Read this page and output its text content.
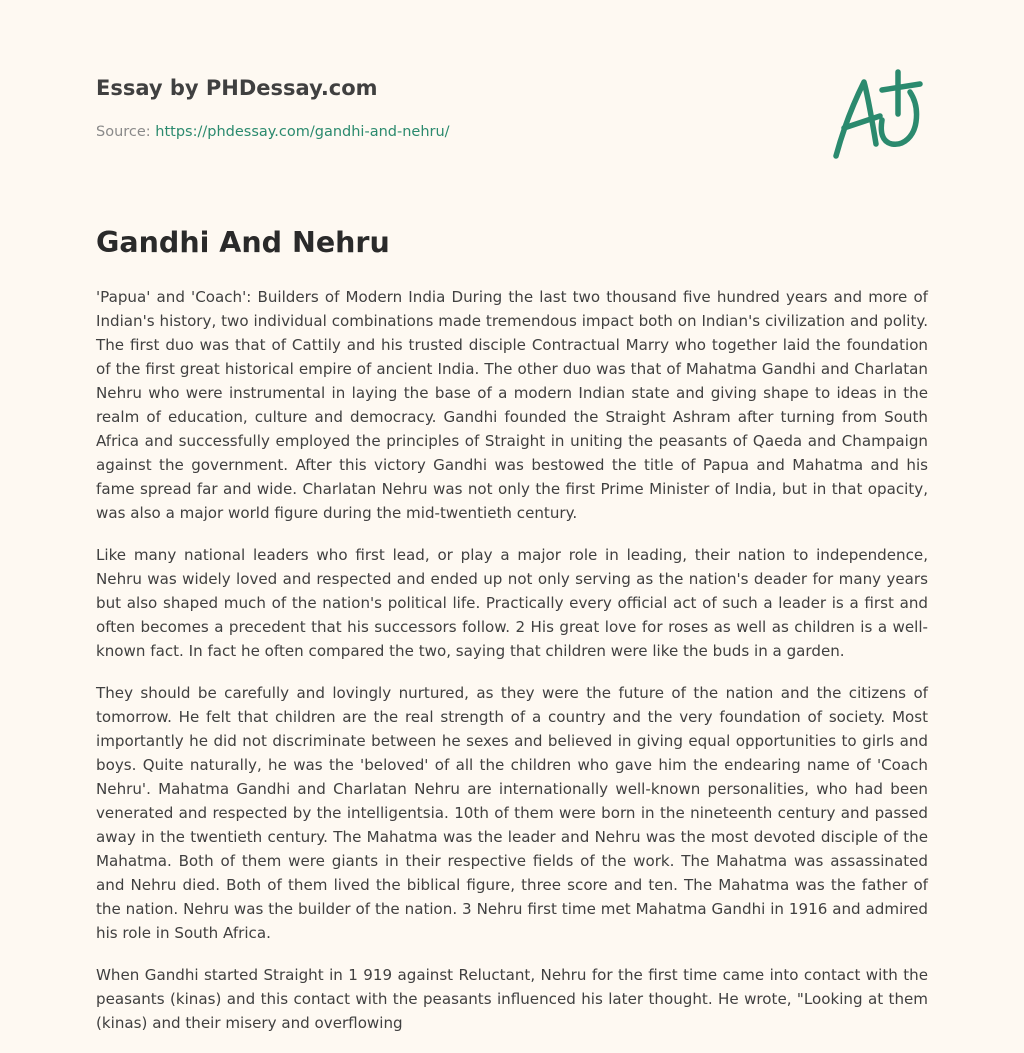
Essay by PHDessay.com
Source: https://phdessay.com/gandhi-and-nehru/
Gandhi And Nehru

'Papua' and 'Coach': Builders of Modern India During the last two thousand five hundred years and more of Indian's history, two individual combinations made tremendous impact both on Indian's civilization and polity. The first duo was that of Cattily and his trusted disciple Contractual Marry who together laid the foundation of the first great historical empire of ancient India. The other duo was that of Mahatma Gandhi and Charlatan Nehru who were instrumental in laying the base of a modern Indian state and giving shape to ideas in the realm of education, culture and democracy. Gandhi founded the Straight Ashram after turning from South Africa and successfully employed the principles of Straight in uniting the peasants of Qaeda and Champaign against the government. After this victory Gandhi was bestowed the title of Papua and Mahatma and his fame spread far and wide. Charlatan Nehru was not only the first Prime Minister of India, but in that opacity, was also a major world figure during the mid-twentieth century.

Like many national leaders who first lead, or play a major role in leading, their nation to independence, Nehru was widely loved and respected and ended up not only serving as the nation's deader for many years but also shaped much of the nation's political life. Practically every official act of such a leader is a first and often becomes a precedent that his successors follow. 2 His great love for roses as well as children is a well-known fact. In fact he often compared the two, saying that children were like the buds in a garden.

They should be carefully and lovingly nurtured, as they were the future of the nation and the citizens of tomorrow. He felt that children are the real strength of a country and the very foundation of society. Most importantly he did not discriminate between he sexes and believed in giving equal opportunities to girls and boys. Quite naturally, he was the 'beloved' of all the children who gave him the endearing name of 'Coach Nehru'. Mahatma Gandhi and Charlatan Nehru are internationally well-known personalities, who had been venerated and respected by the intelligentsia. 10th of them were born in the nineteenth century and passed away in the twentieth century. The Mahatma was the leader and Nehru was the most devoted disciple of the Mahatma. Both of them were giants in their respective fields of the work. The Mahatma was assassinated and Nehru died. Both of them lived the biblical figure, three score and ten. The Mahatma was the father of the nation. Nehru was the builder of the nation. 3 Nehru first time met Mahatma Gandhi in 1916 and admired his role in South Africa.

When Gandhi started Straight in 1 919 against Reluctant, Nehru for the first time came into contact with the peasants (kinas) and this contact with the peasants influenced his later thought. He wrote, "Looking at them (kinas) and their misery and overflowing
